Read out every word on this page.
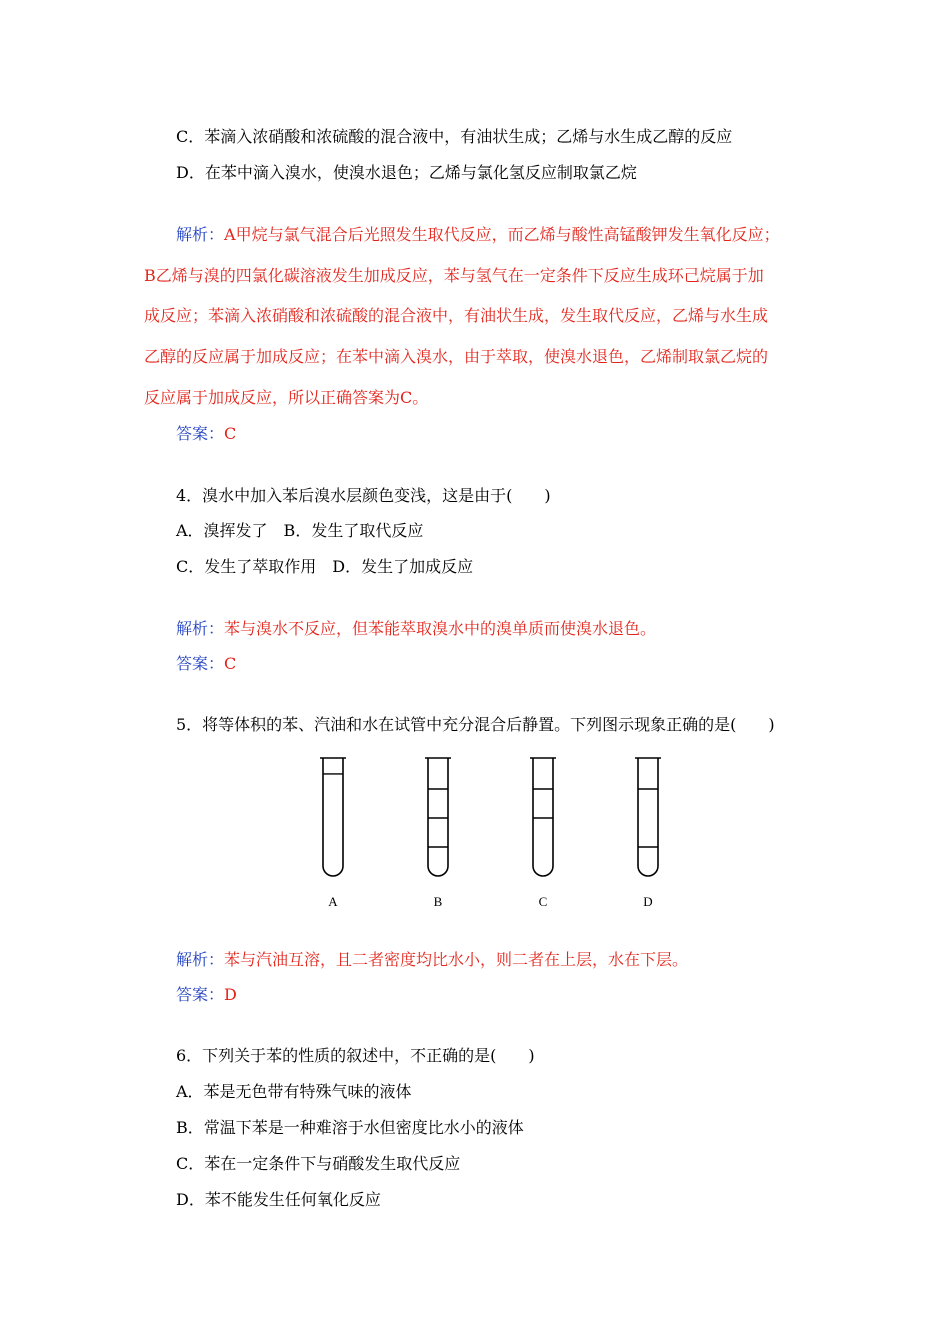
C．苯滴入浓硝酸和浓硫酸的混合液中，有油状生成；乙烯与水生成乙醇的反应
D．在苯中滴入溴水，使溴水退色；乙烯与氯化氢反应制取氯乙烷
解析：A甲烷与氯气混合后光照发生取代反应，而乙烯与酸性高锰酸钾发生氧化反应；
B乙烯与溴的四氯化碳溶液发生加成反应，苯与氢气在一定条件下反应生成环己烷属于加
成反应；苯滴入浓硝酸和浓硫酸的混合液中，有油状生成，发生取代反应，乙烯与水生成
乙醇的反应属于加成反应；在苯中滴入溴水，由于萃取，使溴水退色，乙烯制取氯乙烷的
反应属于加成反应，所以正确答案为C。
答案：C
4．溴水中加入苯后溴水层颜色变浅，这是由于(　　)
A．溴挥发了　B．发生了取代反应
C．发生了萃取作用　D．发生了加成反应
解析：苯与溴水不反应，但苯能萃取溴水中的溴单质而使溴水退色。
答案：C
5．将等体积的苯、汽油和水在试管中充分混合后静置。下列图示现象正确的是(　　)
A	B	C	D
解析：苯与汽油互溶，且二者密度均比水小，则二者在上层，水在下层。
答案：D
6．下列关于苯的性质的叙述中，不正确的是(　　)
A．苯是无色带有特殊气味的液体
B．常温下苯是一种难溶于水但密度比水小的液体
C．苯在一定条件下与硝酸发生取代反应
D．苯不能发生任何氧化反应
